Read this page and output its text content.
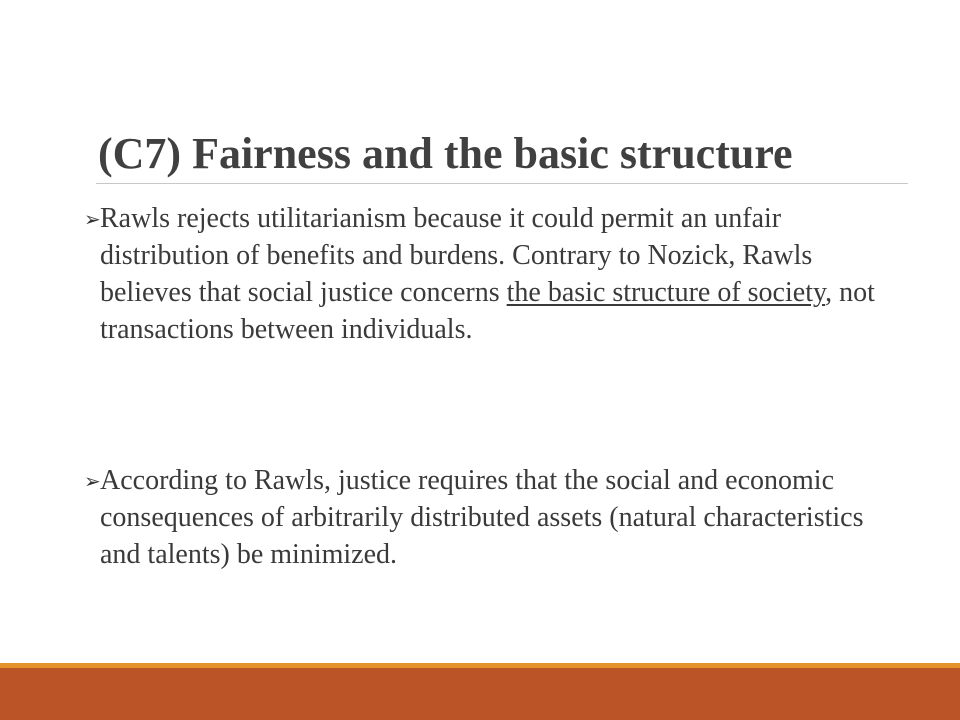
(C7) Fairness and the basic structure
➢ Rawls rejects utilitarianism because it could permit an unfair distribution of benefits and burdens. Contrary to Nozick, Rawls believes that social justice concerns the basic structure of society, not transactions between individuals.
➢ According to Rawls, justice requires that the social and economic consequences of arbitrarily distributed assets (natural characteristics and talents) be minimized.
